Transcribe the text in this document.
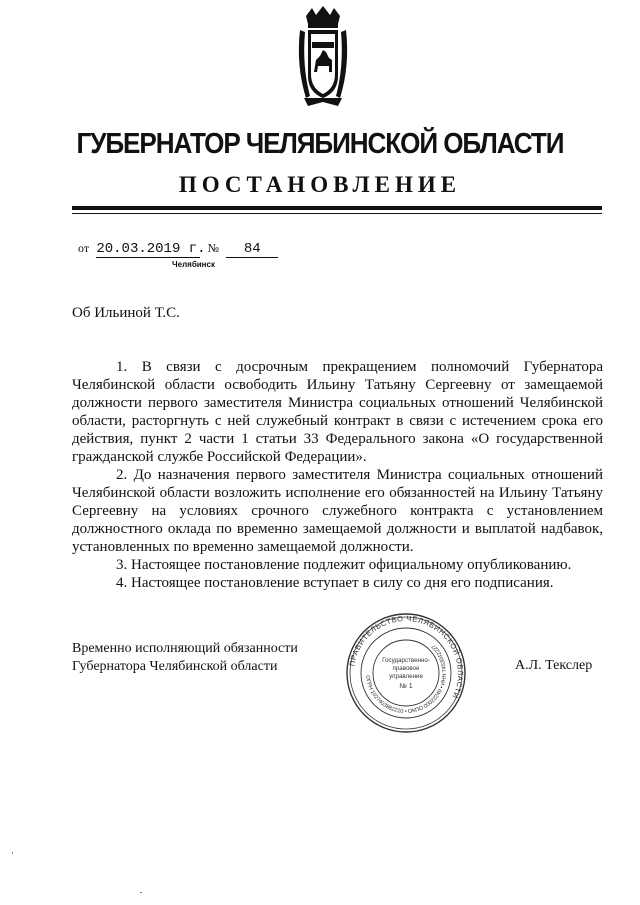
ГУБЕРНАТОР ЧЕЛЯБИНСКОЙ ОБЛАСТИ
ПОСТАНОВЛЕНИЕ
от 20.03.2019 г. № 84
Челябинск
Об Ильиной Т.С.
1. В связи с досрочным прекращением полномочий Губернатора Челябинской области освободить Ильину Татьяну Сергеевну от замещаемой должности первого заместителя Министра социальных отношений Челябинской области, расторгнуть с ней служебный контракт в связи с истечением срока его действия, пункт 2 части 1 статьи 33 Федерального закона «О государственной гражданской службе Российской Федерации».
2. До назначения первого заместителя Министра социальных отношений Челябинской области возложить исполнение его обязанностей на Ильину Татьяну Сергеевну на условиях срочного служебного контракта с установлением должностного оклада по временно замещаемой должности и выплатой надбавок, установленных по временно замещаемой должности.
3. Настоящее постановление подлежит официальному опубликованию.
4. Настоящее постановление вступает в силу со дня его подписания.
Временно исполняющий обязанности
Губернатора Челябинской области	ПРАВИТЕЛЬСТВО ЧЕЛЯБИНСКОЙ ОБЛАСТИ
ОГРН 1027403882210 • ОКПО 00022249 • ИНН 7453042227
Государственно-
правовое
управление
№ 1
А.Л. Текслер
